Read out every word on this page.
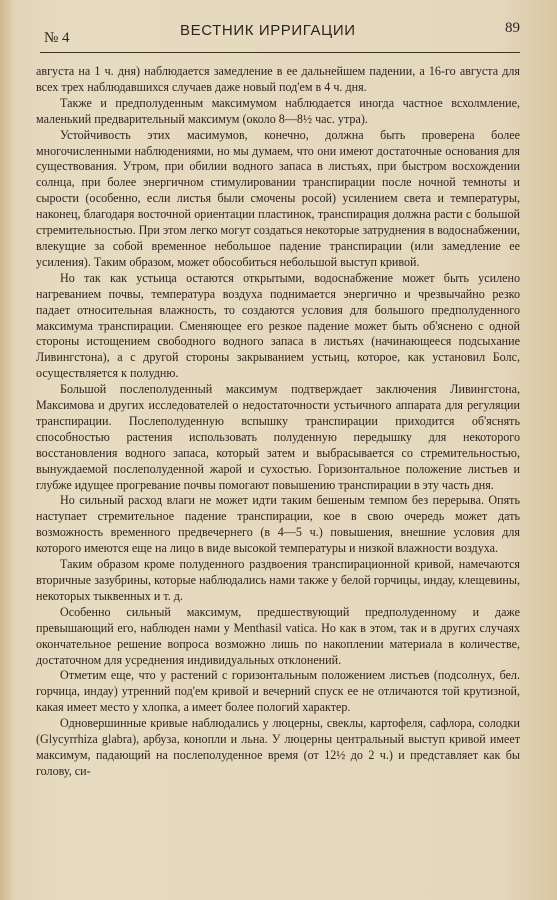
№ 4	ВЕСТНИК ИРРИГАЦИИ	89

августа на 1 ч. дня) наблюдается замедление в ее дальнейшем падении, а 16-го августа для всех трех наблюдавшихся случаев даже новый под'ем в 4 ч. дня.

Также и предполуденным максимумом наблюдается иногда частное всхолмление, маленький предварительный максимум (около 8—8½ час. утра).

Устойчивость этих масимумов, конечно, должна быть проверена более многочисленными наблюдениями, но мы думаем, что они имеют достаточные основания для существования. Утром, при обилии водного запаса в листьях, при быстром восхождении солнца, при более энергичном стимулировании транспирации после ночной темноты и сырости (особенно, если листья были смочены росой) усилением света и температуры, наконец, благодаря восточной ориентации пластинок, транспирация должна расти с большой стремительностью. При этом легко могут создаться некоторые затруднения в водоснабжении, влекущие за собой временное небольшое падение транспирации (или замедление ее усиления). Таким образом, может обособиться небольшой выступ кривой.

Но так как устьица остаются открытыми, водоснабжение может быть усилено нагреванием почвы, температура воздуха поднимается энергично и чрезвычайно резко падает относительная влажность, то создаются условия для большого предполуденного максимума транспирации. Сменяющее его резкое падение может быть об'яснено с одной стороны истощением свободного водного запаса в листьях (начинающееся подсыхание Ливингстона), а с другой стороны закрыванием устьиц, которое, как установил Болс, осуществляется к полудню.

Большой послеполуденный максимум подтверждает заключения Ливингстона, Максимова и других исследователей о недостаточности устьичного аппарата для регуляции транспирации. Послеполуденную вспышку транспирации приходится об'яснять способностью растения использовать полуденную передышку для некоторого восстановления водного запаса, который затем и выбрасывается со стремительностью, вынуждаемой послеполуденной жарой и сухостью. Горизонтальное положение листьев и глубже идущее прогревание почвы помогают повышению транспирации в эту часть дня.

Но сильный расход влаги не может идти таким бешеным темпом без перерыва. Опять наступает стремительное падение транспирации, кое в свою очередь может дать возможность временного предвечернего (в 4—5 ч.) повышения, внешние условия для которого имеются еще на лицо в виде высокой температуры и низкой влажности воздуха.

Таким образом кроме полуденного раздвоения транспирационной кривой, намечаются вторичные зазубрины, которые наблюдались нами также у белой горчицы, индау, клещевины, некоторых тыквенных и т. д.

Особенно сильный максимум, предшествующий предполуденному и даже превышающий его, наблюден нами у Menthasil vatica. Но как в этом, так и в других случаях окончательное решение вопроса возможно лишь по накоплении материала в количестве, достаточном для усреднения индивидуальных отклонений.

Отметим еще, что у растений с горизонтальным положением листьев (подсолнух, бел. горчица, индау) утренний под'ем кривой и вечерний спуск ее не отличаются той крутизной, какая имеет место у хлопка, а имеет более пологий характер.

Одновершинные кривые наблюдались у люцерны, свеклы, картофеля, сафлора, солодки (Glycyrrhiza glabra), арбуза, конопли и льна. У люцерны центральный выступ кривой имеет максимум, падающий на послеполуденное время (от 12½ до 2 ч.) и представляет как бы голову, си-
